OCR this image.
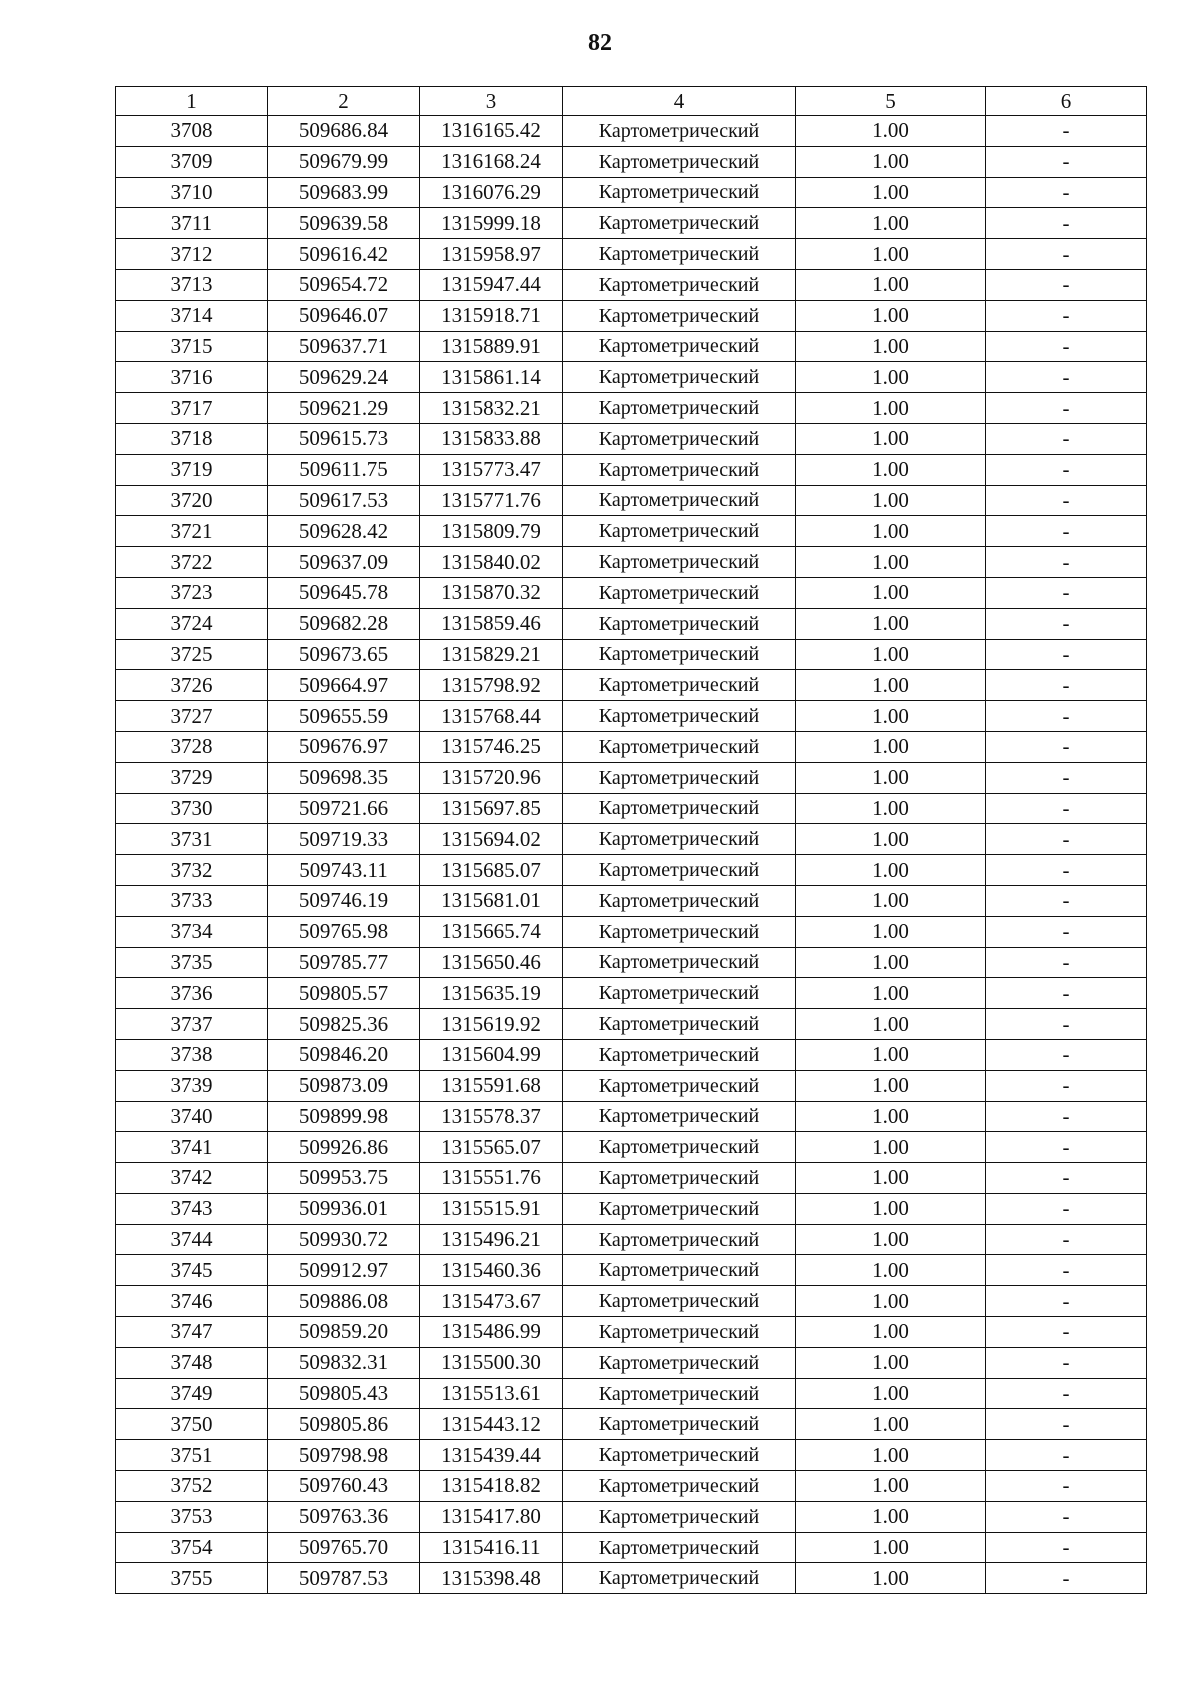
82
1	2	3	4	5	6
3708	509686.84	1316165.42	Картометрический	1.00	-
3709	509679.99	1316168.24	Картометрический	1.00	-
3710	509683.99	1316076.29	Картометрический	1.00	-
3711	509639.58	1315999.18	Картометрический	1.00	-
3712	509616.42	1315958.97	Картометрический	1.00	-
3713	509654.72	1315947.44	Картометрический	1.00	-
3714	509646.07	1315918.71	Картометрический	1.00	-
3715	509637.71	1315889.91	Картометрический	1.00	-
3716	509629.24	1315861.14	Картометрический	1.00	-
3717	509621.29	1315832.21	Картометрический	1.00	-
3718	509615.73	1315833.88	Картометрический	1.00	-
3719	509611.75	1315773.47	Картометрический	1.00	-
3720	509617.53	1315771.76	Картометрический	1.00	-
3721	509628.42	1315809.79	Картометрический	1.00	-
3722	509637.09	1315840.02	Картометрический	1.00	-
3723	509645.78	1315870.32	Картометрический	1.00	-
3724	509682.28	1315859.46	Картометрический	1.00	-
3725	509673.65	1315829.21	Картометрический	1.00	-
3726	509664.97	1315798.92	Картометрический	1.00	-
3727	509655.59	1315768.44	Картометрический	1.00	-
3728	509676.97	1315746.25	Картометрический	1.00	-
3729	509698.35	1315720.96	Картометрический	1.00	-
3730	509721.66	1315697.85	Картометрический	1.00	-
3731	509719.33	1315694.02	Картометрический	1.00	-
3732	509743.11	1315685.07	Картометрический	1.00	-
3733	509746.19	1315681.01	Картометрический	1.00	-
3734	509765.98	1315665.74	Картометрический	1.00	-
3735	509785.77	1315650.46	Картометрический	1.00	-
3736	509805.57	1315635.19	Картометрический	1.00	-
3737	509825.36	1315619.92	Картометрический	1.00	-
3738	509846.20	1315604.99	Картометрический	1.00	-
3739	509873.09	1315591.68	Картометрический	1.00	-
3740	509899.98	1315578.37	Картометрический	1.00	-
3741	509926.86	1315565.07	Картометрический	1.00	-
3742	509953.75	1315551.76	Картометрический	1.00	-
3743	509936.01	1315515.91	Картометрический	1.00	-
3744	509930.72	1315496.21	Картометрический	1.00	-
3745	509912.97	1315460.36	Картометрический	1.00	-
3746	509886.08	1315473.67	Картометрический	1.00	-
3747	509859.20	1315486.99	Картометрический	1.00	-
3748	509832.31	1315500.30	Картометрический	1.00	-
3749	509805.43	1315513.61	Картометрический	1.00	-
3750	509805.86	1315443.12	Картометрический	1.00	-
3751	509798.98	1315439.44	Картометрический	1.00	-
3752	509760.43	1315418.82	Картометрический	1.00	-
3753	509763.36	1315417.80	Картометрический	1.00	-
3754	509765.70	1315416.11	Картометрический	1.00	-
3755	509787.53	1315398.48	Картометрический	1.00	-
